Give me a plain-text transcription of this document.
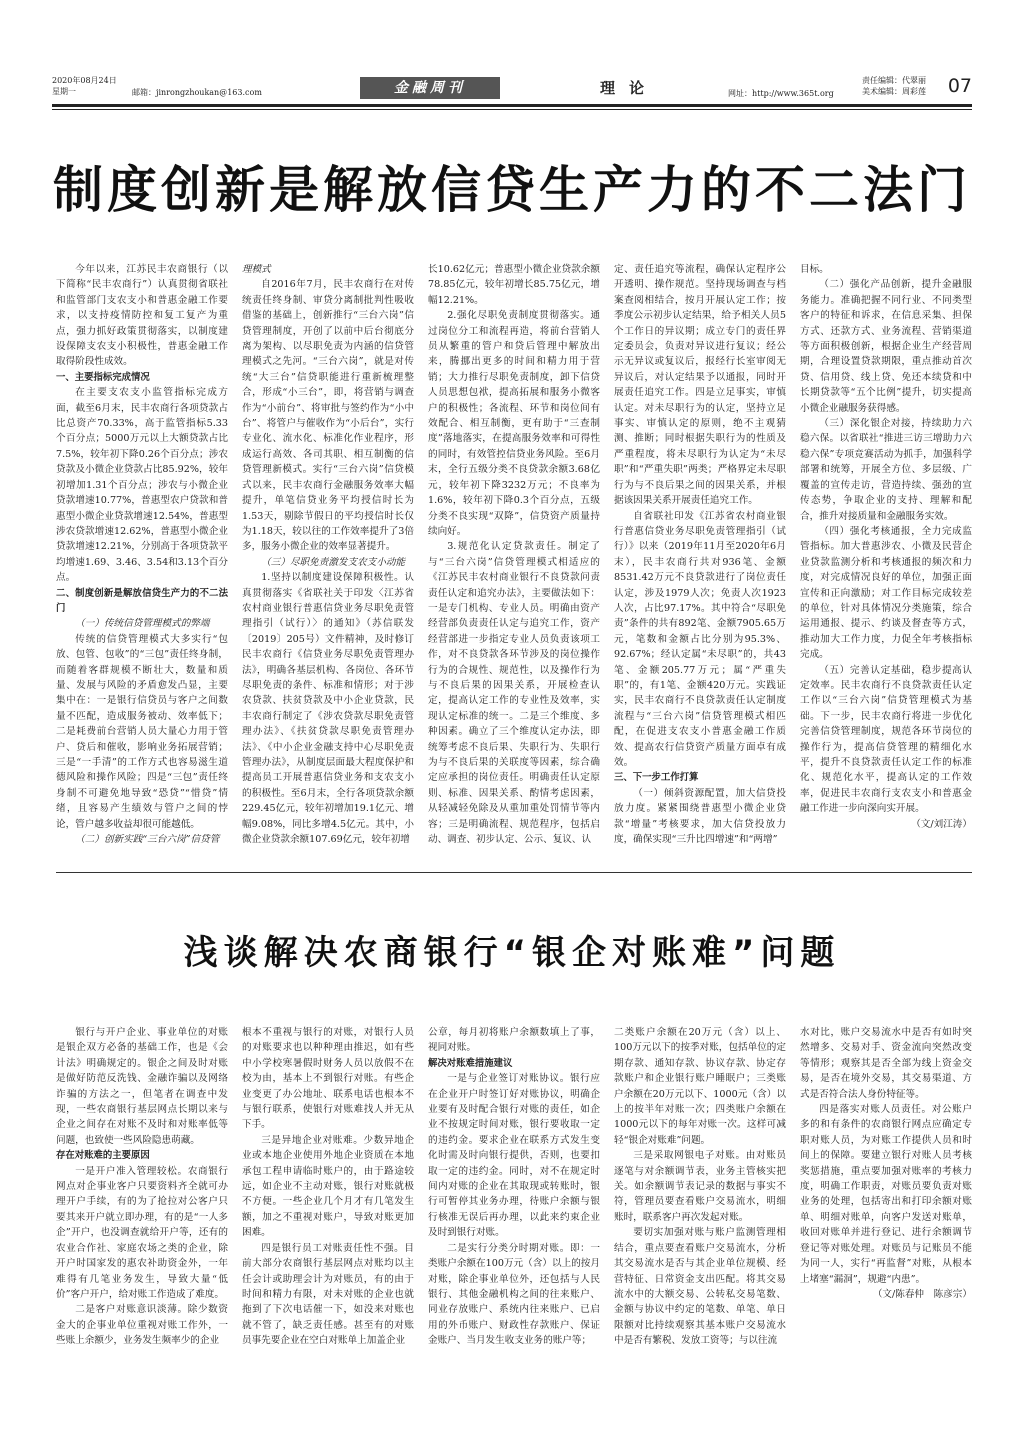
2020年08月24日
星期一	邮箱：jinrongzhoukan@163.com	金融周刊	理论	网址：http://www.365t.org
责任编辑：代翠丽
美术编辑：周彩莲 07
制度创新是解放信贷生产力的不二法门

今年以来，江苏民丰农商银行（以下简称“民丰农商行”）认真贯彻省联社和监管部门支农支小和普惠金融工作要求，以支持疫情防控和复工复产为重点，强力抓好政策贯彻落实，以制度建设保障支农支小积极性，普惠金融工作取得阶段性成效。

一、主要指标完成情况

在主要支农支小监管指标完成方面，截至6月末，民丰农商行各项贷款占比总资产70.33%，高于监管指标5.33个百分点；5000万元以上大额贷款占比7.5%，较年初下降0.26个百分点；涉农贷款及小微企业贷款占比85.92%，较年初增加1.31个百分点；涉农与小微企业贷款增速10.77%，普惠型农户贷款和普惠型小微企业贷款增速12.54%，普惠型涉农贷款增速12.62%，普惠型小微企业贷款增速12.21%，分别高于各项贷款平均增速1.69、3.46、3.54和3.13个百分点。

二、制度创新是解放信贷生产力的不二法门

（一）传统信贷管理模式的弊端

传统的信贷管理模式大多实行“包放、包管、包收”的“三包”责任终身制，而随着客群规模不断壮大，数量和质量、发展与风险的矛盾愈发凸显，主要集中在：一是银行信贷员与客户之间数量不匹配，造成服务被动、效率低下；二是耗费前台营销人员大量心力用于管户、贷后和催收，影响业务拓展营销；三是“一手清”的工作方式也容易滋生道德风险和操作风险；四是“三包”责任终身制不可避免地导致“恐贷”“惜贷”情绪，且容易产生绩效与管户之间的悖论，管户越多收益却很可能越低。

（二）创新实践“三台六岗”信贷管

理模式

自2016年7月，民丰农商行在对传统责任终身制、审贷分离制批判性吸收借鉴的基础上，创新推行“三台六岗”信贷管理制度，开创了以前中后台彻底分离为架构、以尽职免责为内涵的信贷管理模式之先河。“三台六岗”，就是对传统“大三台”信贷职能进行重新梳理整合，形成“小三台”，即，将营销与调查作为“小前台”、将审批与签约作为“小中台”、将管户与催收作为“小后台”，实行专业化、流水化、标准化作业程序，形成运行高效、各司其职、相互制衡的信贷管理新模式。实行“三台六岗”信贷模式以来，民丰农商行金融服务效率大幅提升，单笔信贷业务平均授信时长为1.53天，剔除节假日的平均授信时长仅为1.18天，较以往的工作效率提升了3倍多，服务小微企业的效率显著提升。

（三）尽职免责激发支农支小动能

1.坚持以制度建设保障积极性。认真贯彻落实《省联社关于印发〈江苏省农村商业银行普惠信贷业务尽职免责管理指引（试行）〉的通知》（苏信联发〔2019〕205号）文件精神，及时修订民丰农商行《信贷业务尽职免责管理办法》，明确各基层机构、各岗位、各环节尽职免责的条件、标准和情形；对于涉农贷款、扶贫贷款及中小企业贷款，民丰农商行制定了《涉农贷款尽职免责管理办法》、《扶贫贷款尽职免责管理办法》、《中小企业金融支持中心尽职免责管理办法》，从制度层面最大程度保护和提高员工开展普惠信贷业务和支农支小的积极性。至6月末，全行各项贷款余额229.45亿元，较年初增加19.1亿元、增幅9.08%，同比多增4.5亿元。其中，小微企业贷款余额107.69亿元，较年初增

长10.62亿元；普惠型小微企业贷款余额78.85亿元，较年初增长85.75亿元，增幅12.21%。

2.强化尽职免责制度贯彻落实。通过岗位分工和流程再造，将前台营销人员从繁重的管户和贷后管理中解放出来，腾挪出更多的时间和精力用于营销；大力推行尽职免责制度，卸下信贷人员思想包袱，提高拓展和服务小微客户的积极性；各流程、环节和岗位间有效配合、相互制衡，更有助于“三查制度”落地落实，在提高服务效率和可得性的同时，有效管控信贷业务风险。至6月末，全行五级分类不良贷款余额3.68亿元，较年初下降3232万元；不良率为1.6%，较年初下降0.3个百分点，五级分类不良实现“双降”，信贷资产质量持续向好。

3.规范化认定贷款责任。制定了与“三台六岗”信贷管理模式相适应的《江苏民丰农村商业银行不良贷款问责责任认定和追究办法》，主要做法如下：一是专门机构、专业人员。明确由资产经营部负责责任认定与追究工作，资产经营部进一步指定专业人员负责该项工作，对不良贷款各环节涉及的岗位操作行为的合规性、规范性，以及操作行为与不良后果的因果关系，开展检查认定，提高认定工作的专业性及效率，实现认定标准的统一。二是三个维度、多种因素。确立了三个维度认定办法，即统筹考虑不良后果、失职行为、失职行为与不良后果的关联度等因素，综合确定应承担的岗位责任。明确责任认定原则、标准、因果关系、酌情考虑因素，从轻减轻免除及从重加重处罚情节等内容；三是明确流程、规范程序，包括启动、调查、初步认定、公示、复议、认

定、责任追究等流程，确保认定程序公开透明、操作规范。坚持现场调查与档案查阅相结合，按月开展认定工作；按季度公示初步认定结果，给予相关人员5个工作日的异议期；成立专门的责任界定委员会，负责对异议进行复议；经公示无异议或复议后，报经行长室审阅无异议后，对认定结果予以通报，同时开展责任追究工作。四是立足事实，审慎认定。对未尽职行为的认定，坚持立足事实、审慎认定的原则，绝不主观猜测、推断；同时根据失职行为的性质及严重程度，将未尽职行为认定为“未尽职”和“严重失职”两类；严格界定未尽职行为与不良后果之间的因果关系，并根据该因果关系开展责任追究工作。

自省联社印发《江苏省农村商业银行普惠信贷业务尽职免责管理指引（试行）》以来（2019年11月至2020年6月末），民丰农商行共对936笔、金额8531.42万元不良贷款进行了岗位责任认定，涉及1979人次；免责人次1923人次，占比97.17%。其中符合“尽职免责”条件的共有892笔、金额7905.65万元，笔数和金额占比分别为95.3%、92.67%；经认定属“未尽职”的，共43笔、金额205.77万元；属“严重失职”的，有1笔、金额420万元。实践证实，民丰农商行不良贷款责任认定制度流程与“三台六岗”信贷管理模式相匹配，在促进支农支小普惠金融工作质效、提高农行信贷资产质量方面卓有成效。

三、下一步工作打算

（一）倾斜资源配置，加大信贷投放力度。紧紧围绕普惠型小微企业贷款“增量”考核要求，加大信贷投放力度，确保实现“三升比四增速”和“两增”

目标。

（二）强化产品创新，提升金融服务能力。准确把握不同行业、不同类型客户的特征和诉求，在信息采集、担保方式、还款方式、业务流程、营销渠道等方面积极创新，根据企业生产经营周期，合理设置贷款期限，重点推动首次贷、信用贷、线上贷、免还本续贷和中长期贷款等“五个比例”提升，切实提高小微企业融服务获得感。

（三）深化银企对接，持续助力六稳六保。以省联社“推进三访三增助力六稳六保”专项竞赛活动为抓手，加强科学部署和统筹，开展全方位、多层级、广覆盖的宣传走访，营造持续、强劲的宣传态势，争取企业的支持、理解和配合，推升对接质量和金融服务实效。

（四）强化考核通报，全力完成监管指标。加大普惠涉农、小微及民营企业贷款监测分析和考核通报的频次和力度，对完成情况良好的单位，加强正面宣传和正向激励；对工作目标完成较差的单位，针对具体情况分类施策，综合运用通报、提示、约谈及督查等方式，推动加大工作力度，力促全年考核指标完成。

（五）完善认定基础，稳步提高认定效率。民丰农商行不良贷款责任认定工作以“三台六岗”信贷管理模式为基础。下一步，民丰农商行将进一步优化完善信贷管理制度，规范各环节岗位的操作行为，提高信贷管理的精细化水平，提升不良贷款责任认定工作的标准化、规范化水平，提高认定的工作效率，促进民丰农商行支农支小和普惠金融工作进一步向深向实开展。

（文/刘江涛）

浅谈解决农商银行“银企对账难”问题

银行与开户企业、事业单位的对账是银企双方必备的基础工作，也是《会计法》明确规定的。银企之间及时对账是做好防范反洗钱、金融诈骗以及网络诈骗的方法之一，但笔者在调查中发现，一些农商银行基层网点长期以来与企业之间存在对账不及时和对账率低等问题，也致使一些风险隐患萌藏。

存在对账难的主要原因

一是开户准入管理较松。农商银行网点对企事业客户只要资料齐全就可办理开户手续，有的为了抢拉对公客户只要其来开户就立即办理，有的是“一人多企”开户，也没调查就给开户等，还有的农业合作社、家庭农场之类的企业，除开户时国家发的惠农补助资金外，一年难得有几笔业务发生，导致大量“低价”客户开户，给对账工作造成了难度。

二是客户对账意识淡薄。除少数资金大的企事业单位重视对账工作外，一些账上余额少，业务发生频率少的企业

根本不重视与银行的对账，对银行人员的对账要求也以种种理由推迟，如有些中小学校寒暑假时财务人员以放假不在校为由，基本上不到银行对账。有些企业变更了办公地址、联系电话也根本不与银行联系，使银行对账难找人并无从下手。

三是异地企业对账难。少数异地企业或本地企业使用外地企业资质在本地承包工程申请临时账户的，由于路途较远，如企业不主动对账，银行对账就极不方便。一些企业几个月才有几笔发生额，加之不重视对账户，导致对账更加困难。

四是银行员工对账责任性不强。目前大部分农商银行基层网点对账均以主任会计或助理会计为对账员，有的由于时间和精力有限，对未对账的企业也就拖到了下次电话催一下，如没来对账也就不管了，缺乏责任感。甚至有的对账员事先要企业在空白对账单上加盖企业

公章，每月初将账户余额数填上了事，视同对账。

解决对账难措施建议

一是与企业签订对账协议。银行应在企业开户时签订好对账协议，明确企业要有及时配合银行对账的责任，如企业不按规定时间对账，银行要收取一定的违约金。要求企业在联系方式发生变化时需及时向银行提供，否则，也要扣取一定的违约金。同时，对不在规定时间内对账的企业在其取现或转账时，银行可暂停其业务办理，待账户余额与银行核准无误后再办理，以此来约束企业及时到银行对账。

二是实行分类分时期对账。即：一类账户余额在100万元（含）以上的按月对账，除企事业单位外，还包括与人民银行、其他金融机构之间的往来账户、同业存放账户、系统内往来账户、已启用的外币账户、财政性存款账户、保证金账户、当月发生收支业务的账户等；

二类账户余额在20万元（含）以上、100万元以下的按季对账，包括单位的定期存款、通知存款、协议存款、协定存款账户和企业银行账户睡眠户；三类账户余额在20万元以下、1000元（含）以上的按半年对账一次；四类账户余额在1000元以下的每年对账一次。这样可减轻“银企对账难”问题。

三是采取网银电子对账。由对账员逐笔与对余额调节表，业务主管核实把关。如余额调节表记录的数据与事实不符，管理员要查看账户交易流水，明细账时，联系客户再次发起对账。

要切实加强对账与账户监测管理相结合，重点要查看账户交易流水，分析其交易流水是否与其企业单位规模、经营特征、日常资金支出匹配。将其交易流水中的大额交易、公转私交易笔数、金额与协议中约定的笔数、单笔、单日限额对比持续观察其基本账户交易流水中是否有繁税、发放工资等；与以往流

水对比，账户交易流水中是否有如时突然增多、交易对手、资金流向突然改变等情形；观察其是否全部为线上资金交易，是否在境外交易，其交易渠道、方式是否符合法人身份特征等。

四是落实对账人员责任。对公账户多的和有条件的农商银行网点应确定专职对账人员，为对账工作提供人员和时间上的保障。要建立银行对账人员考核奖惩措施，重点要加强对账率的考核力度，明确工作职责，对账员要负责对账业务的处理，包括寄出和打印余额对账单、明细对账单，向客户发送对账单，收回对账单并进行登记、进行余额调节登记等对账处理。对账员与记账员不能为同一人，实行“再监督”对账，从根本上堵塞“漏洞”，规避“内患”。

（文/陈春仲　陈彦宗）
